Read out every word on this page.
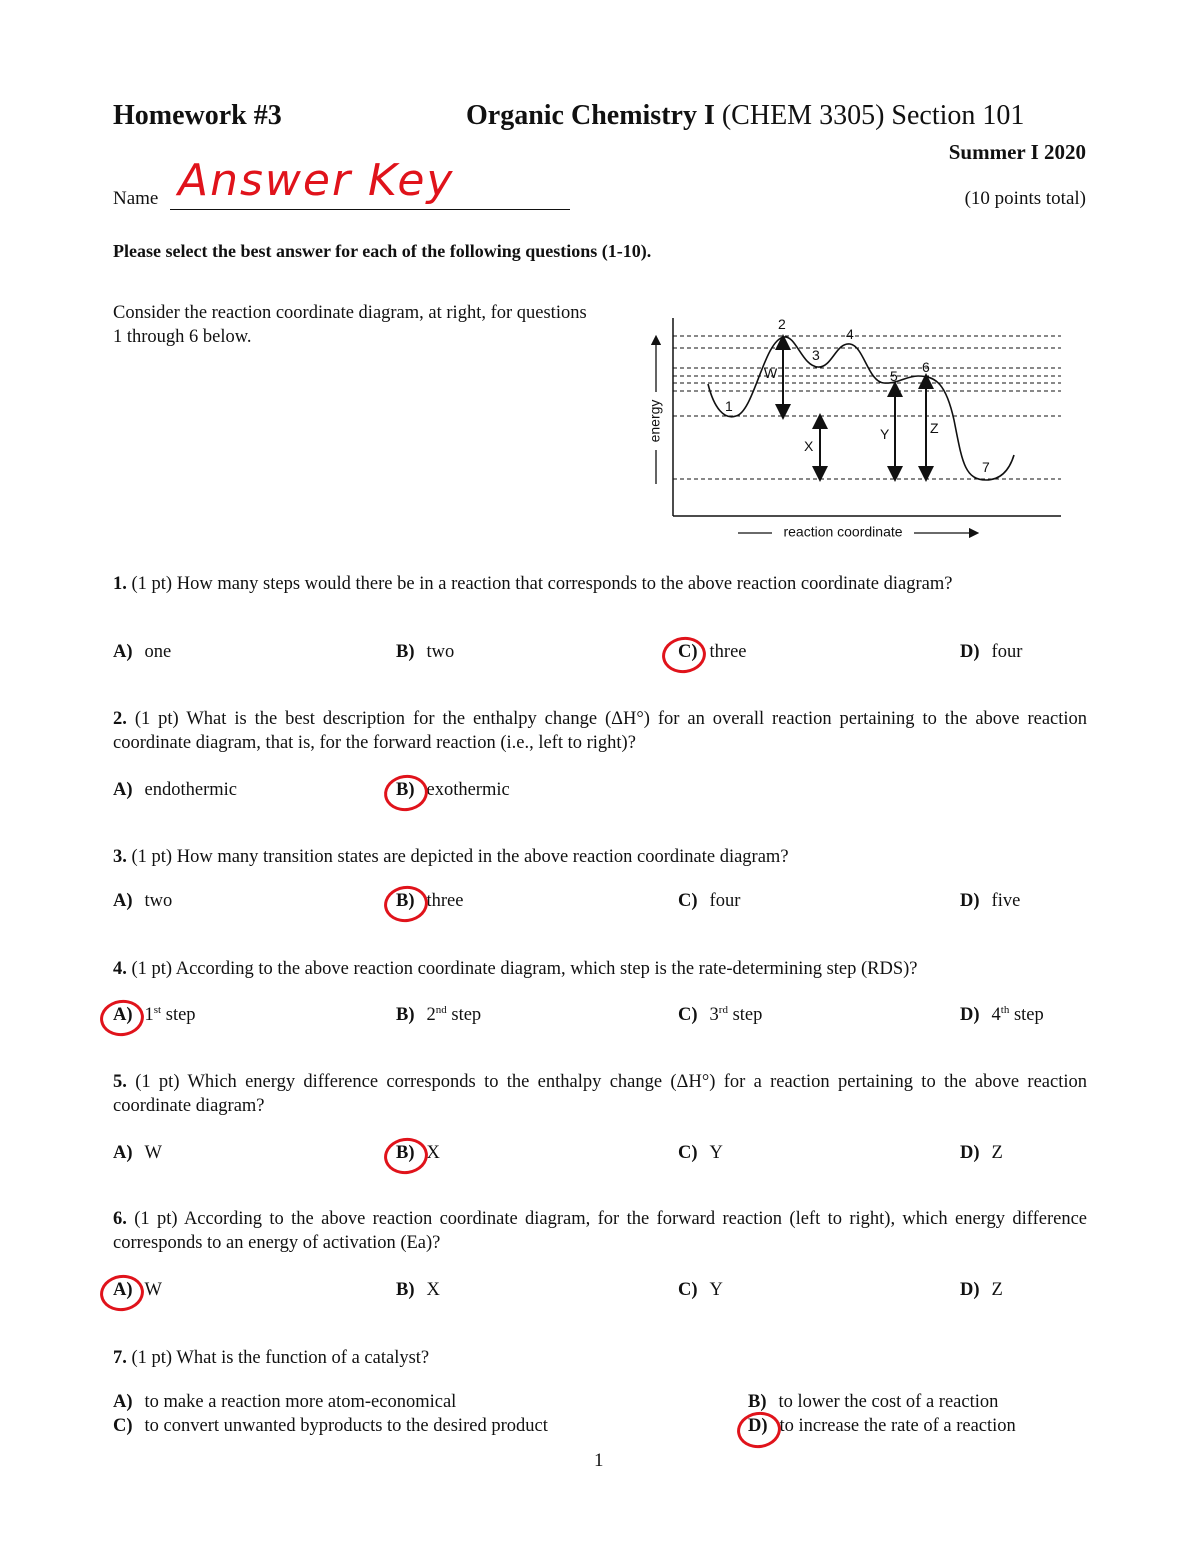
Homework #3	Organic Chemistry I (CHEM 3305) Section 101
Summer I 2020
Name Answer Key	(10 points total)
Please select the best answer for each of the following questions (1-10).
Consider the reaction coordinate diagram, at right, for questions 1 through 6 below.
1
2
3
4
5
6
7
W
X
Y	Z
energy
reaction coordinate
1. (1 pt) How many steps would there be in a reaction that corresponds to the above reaction coordinate diagram?
A) one	B) two	C) three	D) four
2. (1 pt) What is the best description for the enthalpy change (ΔH°) for an overall reaction pertaining to the above reaction coordinate diagram, that is, for the forward reaction (i.e., left to right)?
A) endothermic	B) exothermic
3. (1 pt) How many transition states are depicted in the above reaction coordinate diagram?
A) two	B) three	C) four	D) five
4. (1 pt) According to the above reaction coordinate diagram, which step is the rate-determining step (RDS)?
A) 1st step	B) 2nd step	C) 3rd step	D) 4th step
5. (1 pt) Which energy difference corresponds to the enthalpy change (ΔH°) for a reaction pertaining to the above reaction coordinate diagram?
A) W	B) X	C) Y	D) Z
6. (1 pt) According to the above reaction coordinate diagram, for the forward reaction (left to right), which energy difference corresponds to an energy of activation (Ea)?
A) W	B) X	C) Y	D) Z
7. (1 pt) What is the function of a catalyst?
A) to make a reaction more atom-economical	B) to lower the cost of a reaction
C) to convert unwanted byproducts to the desired product	D) to increase the rate of a reaction
1
